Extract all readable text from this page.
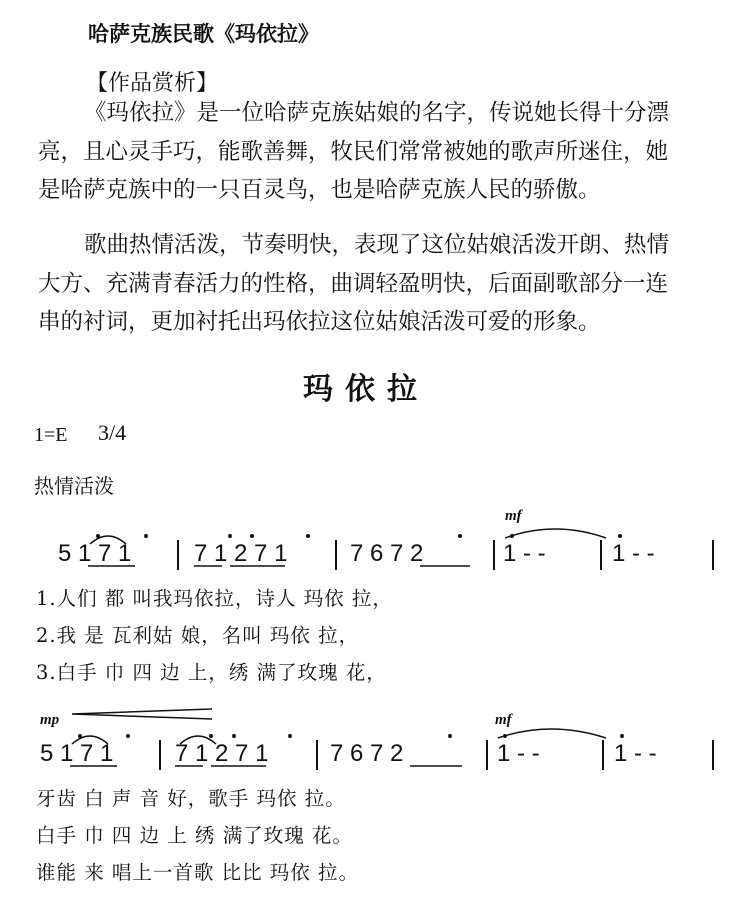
哈萨克族民歌《玛依拉》
【作品赏析】
《玛依拉》是一位哈萨克族姑娘的名字，传说她长得十分漂
亮，且心灵手巧，能歌善舞，牧民们常常被她的歌声所迷住，她
是哈萨克族中的一只百灵鸟，也是哈萨克族人民的骄傲。
歌曲热情活泼，节奏明快，表现了这位姑娘活泼开朗、热情
大方、充满青春活力的性格，曲调轻盈明快，后面副歌部分一连
串的衬词，更加衬托出玛依拉这位姑娘活泼可爱的形象。
玛依拉
1=E 3/4
热情活泼
mf
5 1 7 1	7 1 2 7 1	7 6 7 2	1 - -	1 - -
1.人们 都 叫我玛依拉，诗人 玛依 拉，
2.我 是 瓦利姑 娘，名叫 玛依 拉，
3.白手 巾 四 边 上，绣 满了玫瑰 花，
mp	mf
5 1 7 1	7 1 2 7 1	7 6 7 2	1 - -	1 - -
牙齿 白 声 音 好，歌手 玛依 拉。
白手 巾 四 边 上 绣 满了玫瑰 花。
谁能 来 唱上一首歌 比比 玛依 拉。
